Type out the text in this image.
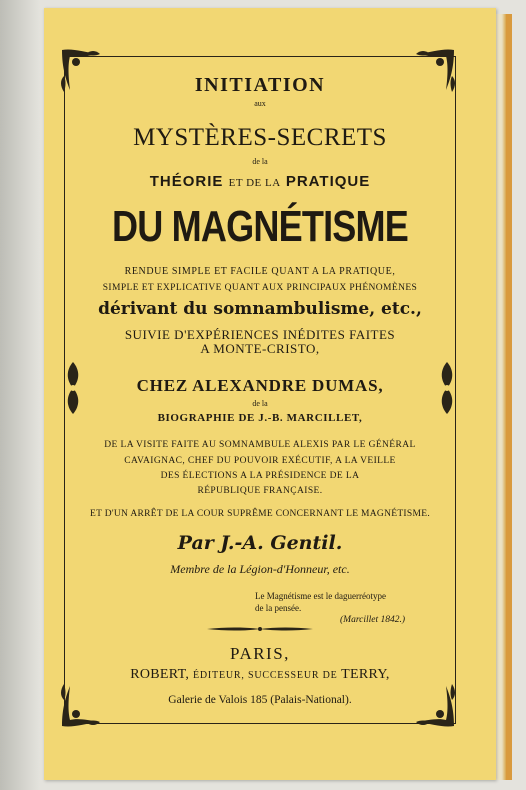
INITIATION
aux
MYSTÈRES-SECRETS
de la
THÉORIE ET DE LA PRATIQUE
DU MAGNÉTISME
RENDUE SIMPLE ET FACILE QUANT A LA PRATIQUE,
SIMPLE ET EXPLICATIVE QUANT AUX PRINCIPAUX PHÉNOMÈNES
dérivant du somnambulisme, etc.,
SUIVIE D'EXPÉRIENCES INÉDITES FAITES
A MONTE-CRISTO,
CHEZ ALEXANDRE DUMAS,
de la
BIOGRAPHIE DE J.-B. MARCILLET,
DE LA VISITE FAITE AU SOMNAMBULE ALEXIS PAR LE GÉNÉRAL
CAVAIGNAC, CHEF DU POUVOIR EXÉCUTIF, A LA VEILLE
DES ÉLECTIONS A LA PRÉSIDENCE DE LA
RÉPUBLIQUE FRANÇAISE.
ET D'UN ARRÊT DE LA COUR SUPRÊME CONCERNANT LE MAGNÉTISME.
Par J.-A. Gentil.
Membre de la Légion-d'Honneur, etc.
Le Magnétisme est le daguerréotype
de la pensée.
(Marcillet 1842.)
PARIS,
ROBERT, ÉDITEUR, SUCCESSEUR DE TERRY,
Galerie de Valois 185 (Palais-National).
